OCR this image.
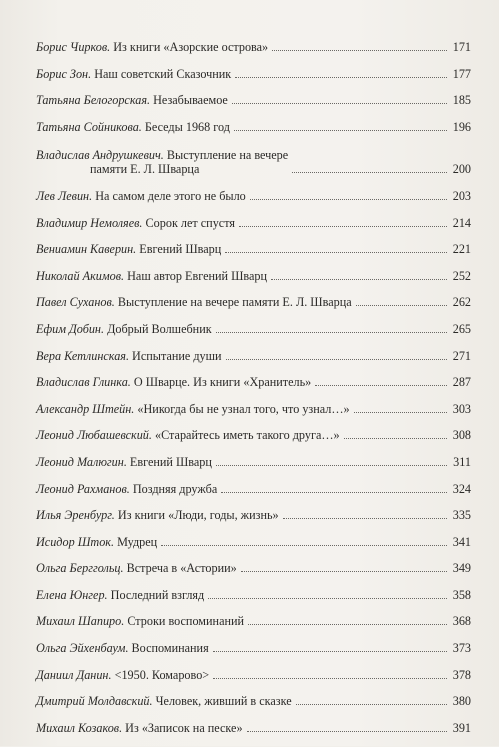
Борис Чирков. Из книги «Азорские острова»	171
Борис Зон. Наш советский Сказочник	177
Татьяна Белогорская. Незабываемое	185
Татьяна Сойникова. Беседы 1968 год	196
Владислав Андрушкевич. Выступление на вечере
памяти Е. Л. Шварца	200
Лев Левин. На самом деле этого не было	203
Владимир Немоляев. Сорок лет спустя	214
Вениамин Каверин. Евгений Шварц	221
Николай Акимов. Наш автор Евгений Шварц	252
Павел Суханов. Выступление на вечере памяти Е. Л. Шварца	262
Ефим Добин. Добрый Волшебник	265
Вера Кетлинская. Испытание души	271
Владислав Глинка. О Шварце. Из книги «Хранитель»	287
Александр Штейн. «Никогда бы не узнал того, что узнал…»	303
Леонид Любашевский. «Старайтесь иметь такого друга…»	308
Леонид Малюгин. Евгений Шварц	311
Леонид Рахманов. Поздняя дружба	324
Илья Эренбург. Из книги «Люди, годы, жизнь»	335
Исидор Шток. Мудрец	341
Ольга Берггольц. Встреча в «Астории»	349
Елена Юнгер. Последний взгляд	358
Михаил Шапиро. Строки воспоминаний	368
Ольга Эйхенбаум. Воспоминания	373
Даниил Данин. <1950. Комарово>	378
Дмитрий Молдавский. Человек, живший в сказке	380
Михаил Козаков. Из «Записок на песке»	391
